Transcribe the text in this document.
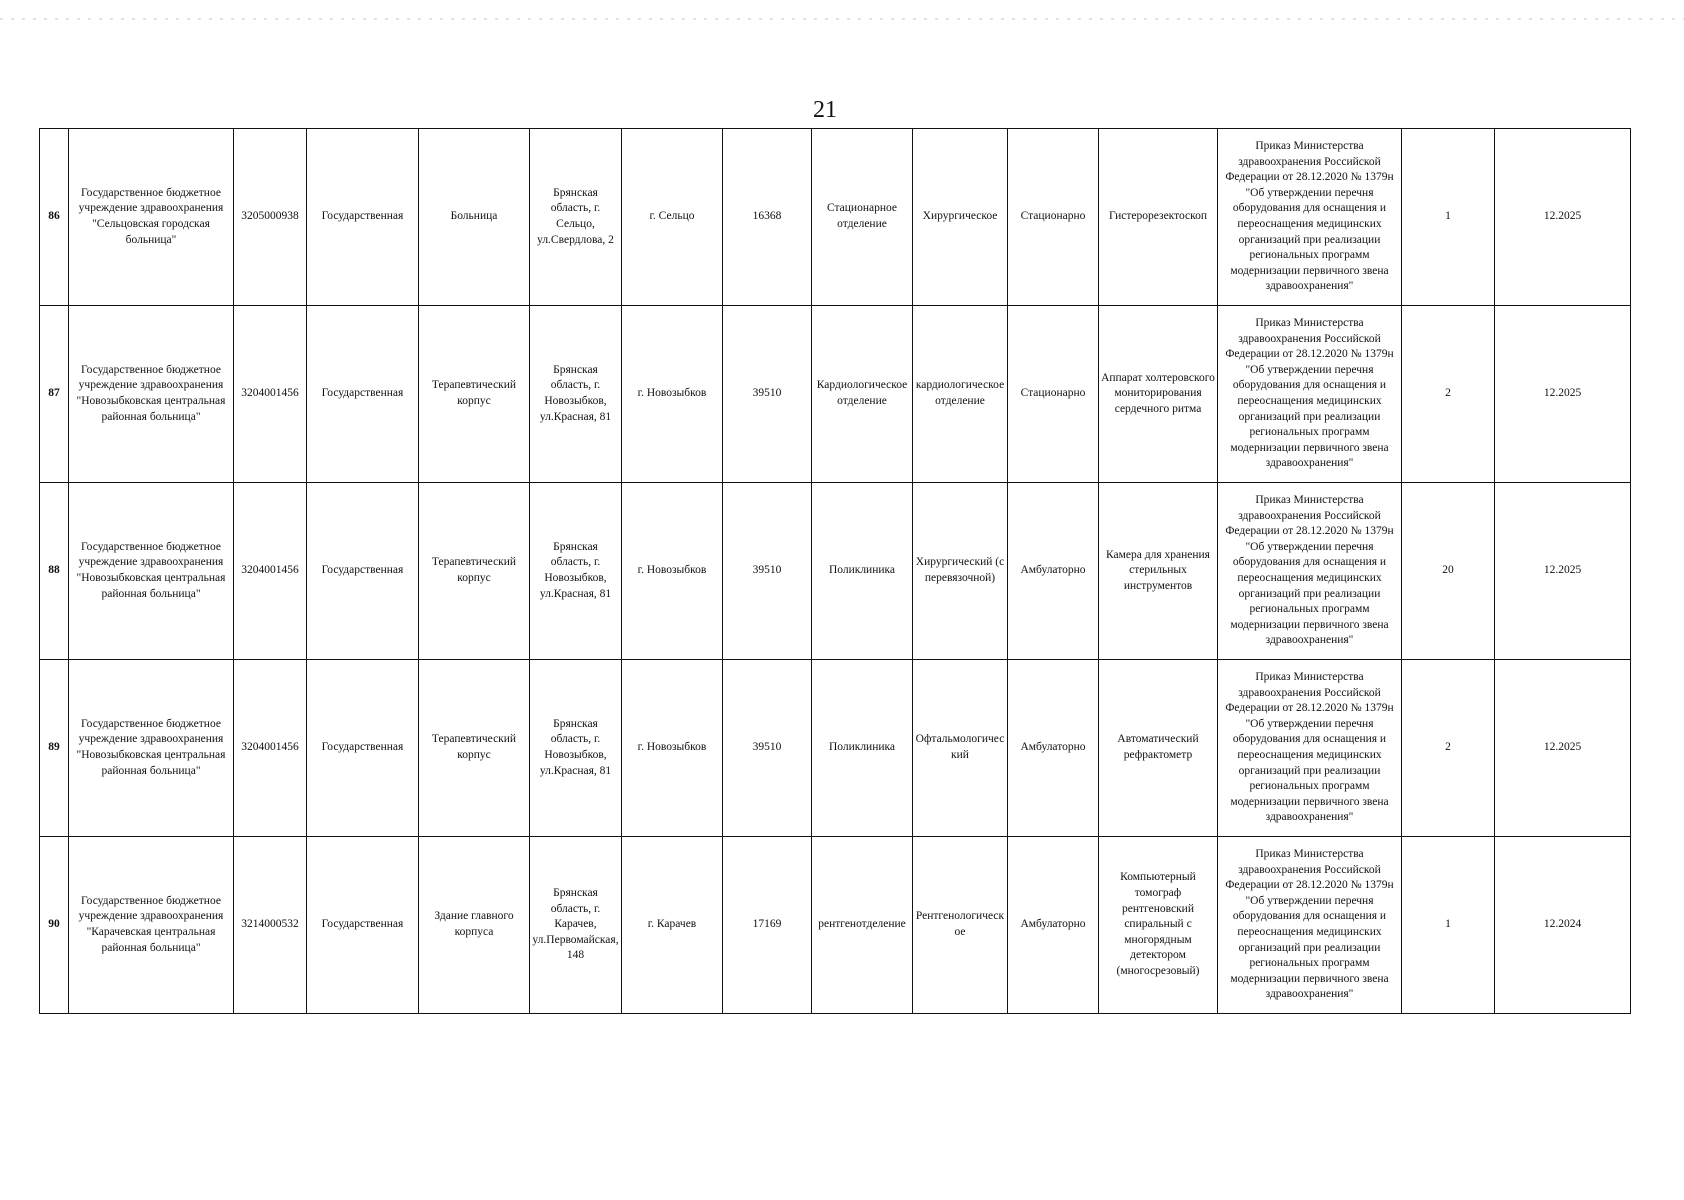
21
86	Государственное бюджетное учреждение здравоохранения "Сельцовская городская больница"	3205000938	Государственная	Больница	Брянская область, г. Сельцо, ул.Свердлова, 2	г. Сельцо	16368	Стационарное отделение	Хирургическое	Стационарно	Гистерорезектоскоп	Приказ Министерства здравоохранения Российской Федерации от 28.12.2020 № 1379н "Об утверждении перечня оборудования для оснащения и переоснащения медицинских организаций при реализации региональных программ модернизации первичного звена здравоохранения"	1	12.2025
87	Государственное бюджетное учреждение здравоохранения "Новозыбковская центральная районная больница"	3204001456	Государственная	Терапевтический корпус	Брянская область, г. Новозыбков, ул.Красная, 81	г. Новозыбков	39510	Кардиологическое отделение	кардиологическое отделение	Стационарно	Аппарат холтеровского мониторирования сердечного ритма	Приказ Министерства здравоохранения Российской Федерации от 28.12.2020 № 1379н "Об утверждении перечня оборудования для оснащения и переоснащения медицинских организаций при реализации региональных программ модернизации первичного звена здравоохранения"	2	12.2025
88	Государственное бюджетное учреждение здравоохранения "Новозыбковская центральная районная больница"	3204001456	Государственная	Терапевтический корпус	Брянская область, г. Новозыбков, ул.Красная, 81	г. Новозыбков	39510	Поликлиника	Хирургический (с перевязочной)	Амбулаторно	Камера для хранения стерильных инструментов	Приказ Министерства здравоохранения Российской Федерации от 28.12.2020 № 1379н "Об утверждении перечня оборудования для оснащения и переоснащения медицинских организаций при реализации региональных программ модернизации первичного звена здравоохранения"	20	12.2025
89	Государственное бюджетное учреждение здравоохранения "Новозыбковская центральная районная больница"	3204001456	Государственная	Терапевтический корпус	Брянская область, г. Новозыбков, ул.Красная, 81	г. Новозыбков	39510	Поликлиника	Офтальмологический	Амбулаторно	Автоматический рефрактометр	Приказ Министерства здравоохранения Российской Федерации от 28.12.2020 № 1379н "Об утверждении перечня оборудования для оснащения и переоснащения медицинских организаций при реализации региональных программ модернизации первичного звена здравоохранения"	2	12.2025
90	Государственное бюджетное учреждение здравоохранения "Карачевская центральная районная больница"	3214000532	Государственная	Здание главного корпуса	Брянская область, г. Карачев, ул.Первомайская, 148	г. Карачев	17169	рентгенотделение	Рентгенологическое	Амбулаторно	Компьютерный томограф рентгеновский спиральный с многорядным детектором (многосрезовый)	Приказ Министерства здравоохранения Российской Федерации от 28.12.2020 № 1379н "Об утверждении перечня оборудования для оснащения и переоснащения медицинских организаций при реализации региональных программ модернизации первичного звена здравоохранения"	1	12.2024
